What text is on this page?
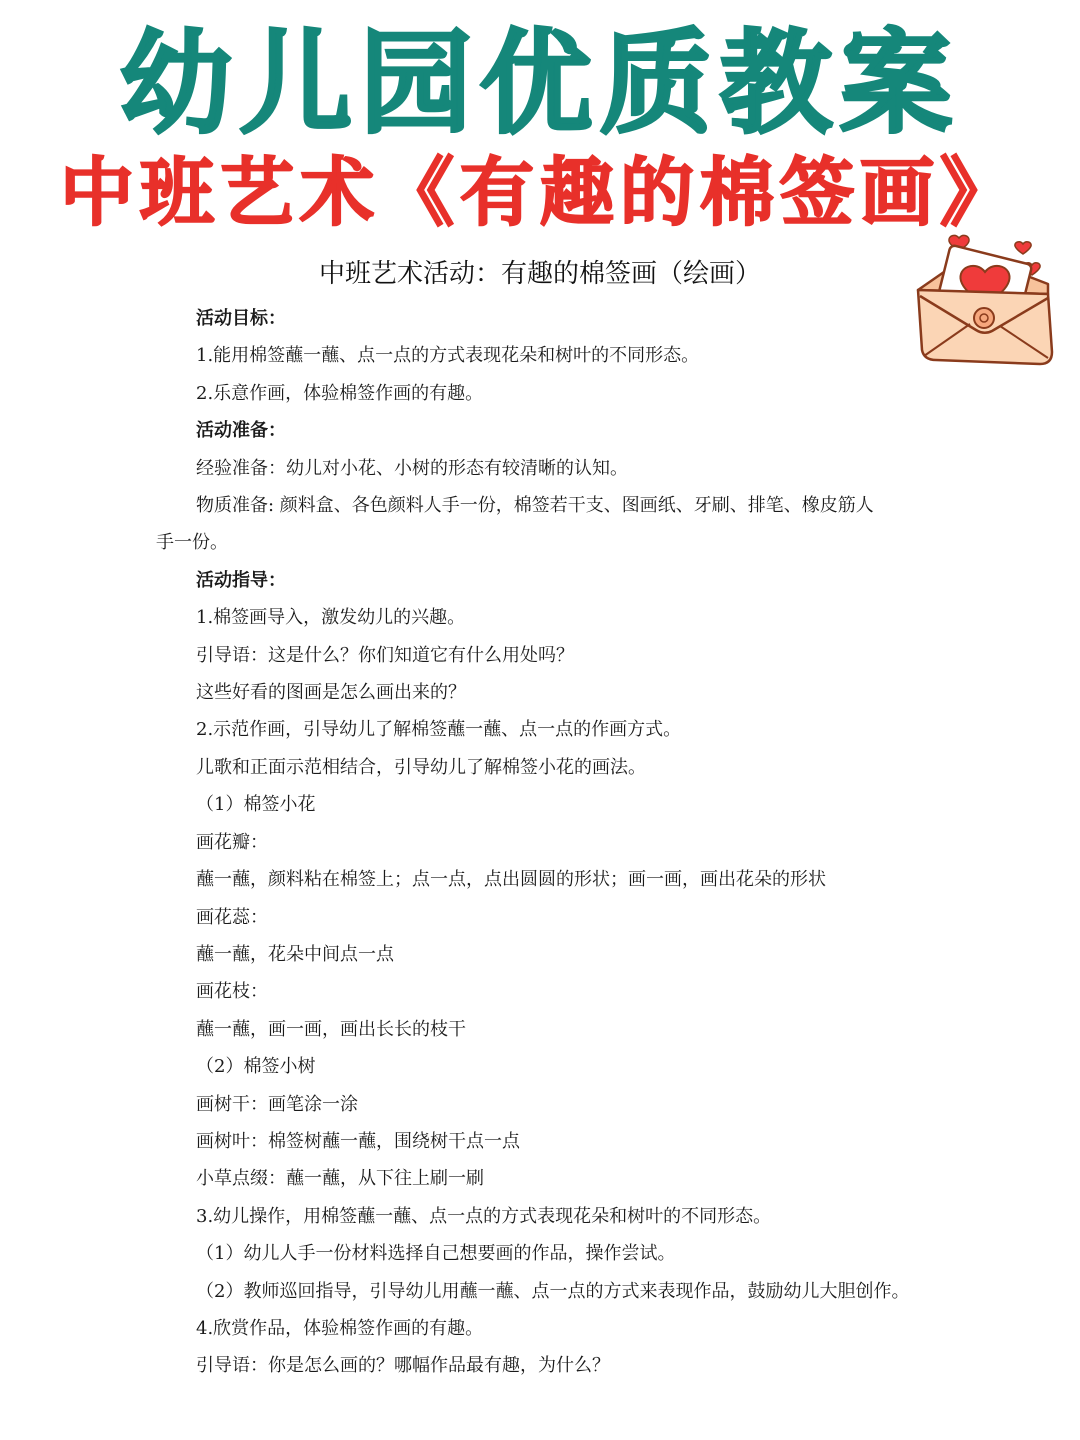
幼儿园优质教案
中班艺术《有趣的棉签画》
中班艺术活动：有趣的棉签画（绘画）

活动目标：

1.能用棉签蘸一蘸、点一点的方式表现花朵和树叶的不同形态。

2.乐意作画，体验棉签作画的有趣。

活动准备：

经验准备：幼儿对小花、小树的形态有较清晰的认知。

物质准备: 颜料盒、各色颜料人手一份，棉签若干支、图画纸、牙刷、排笔、橡皮筋人

手一份。

活动指导：

1.棉签画导入，激发幼儿的兴趣。

引导语：这是什么？你们知道它有什么用处吗？

这些好看的图画是怎么画出来的？

2.示范作画，引导幼儿了解棉签蘸一蘸、点一点的作画方式。

儿歌和正面示范相结合，引导幼儿了解棉签小花的画法。

（1）棉签小花

画花瓣：

蘸一蘸，颜料粘在棉签上；点一点，点出圆圆的形状；画一画，画出花朵的形状

画花蕊：

蘸一蘸，花朵中间点一点

画花枝：

蘸一蘸，画一画，画出长长的枝干

（2）棉签小树

画树干：画笔涂一涂

画树叶：棉签树蘸一蘸，围绕树干点一点

小草点缀：蘸一蘸，从下往上刷一刷

3.幼儿操作，用棉签蘸一蘸、点一点的方式表现花朵和树叶的不同形态。

（1）幼儿人手一份材料选择自己想要画的作品，操作尝试。

（2）教师巡回指导，引导幼儿用蘸一蘸、点一点的方式来表现作品，鼓励幼儿大胆创作。

4.欣赏作品，体验棉签作画的有趣。

引导语：你是怎么画的？哪幅作品最有趣，为什么？
